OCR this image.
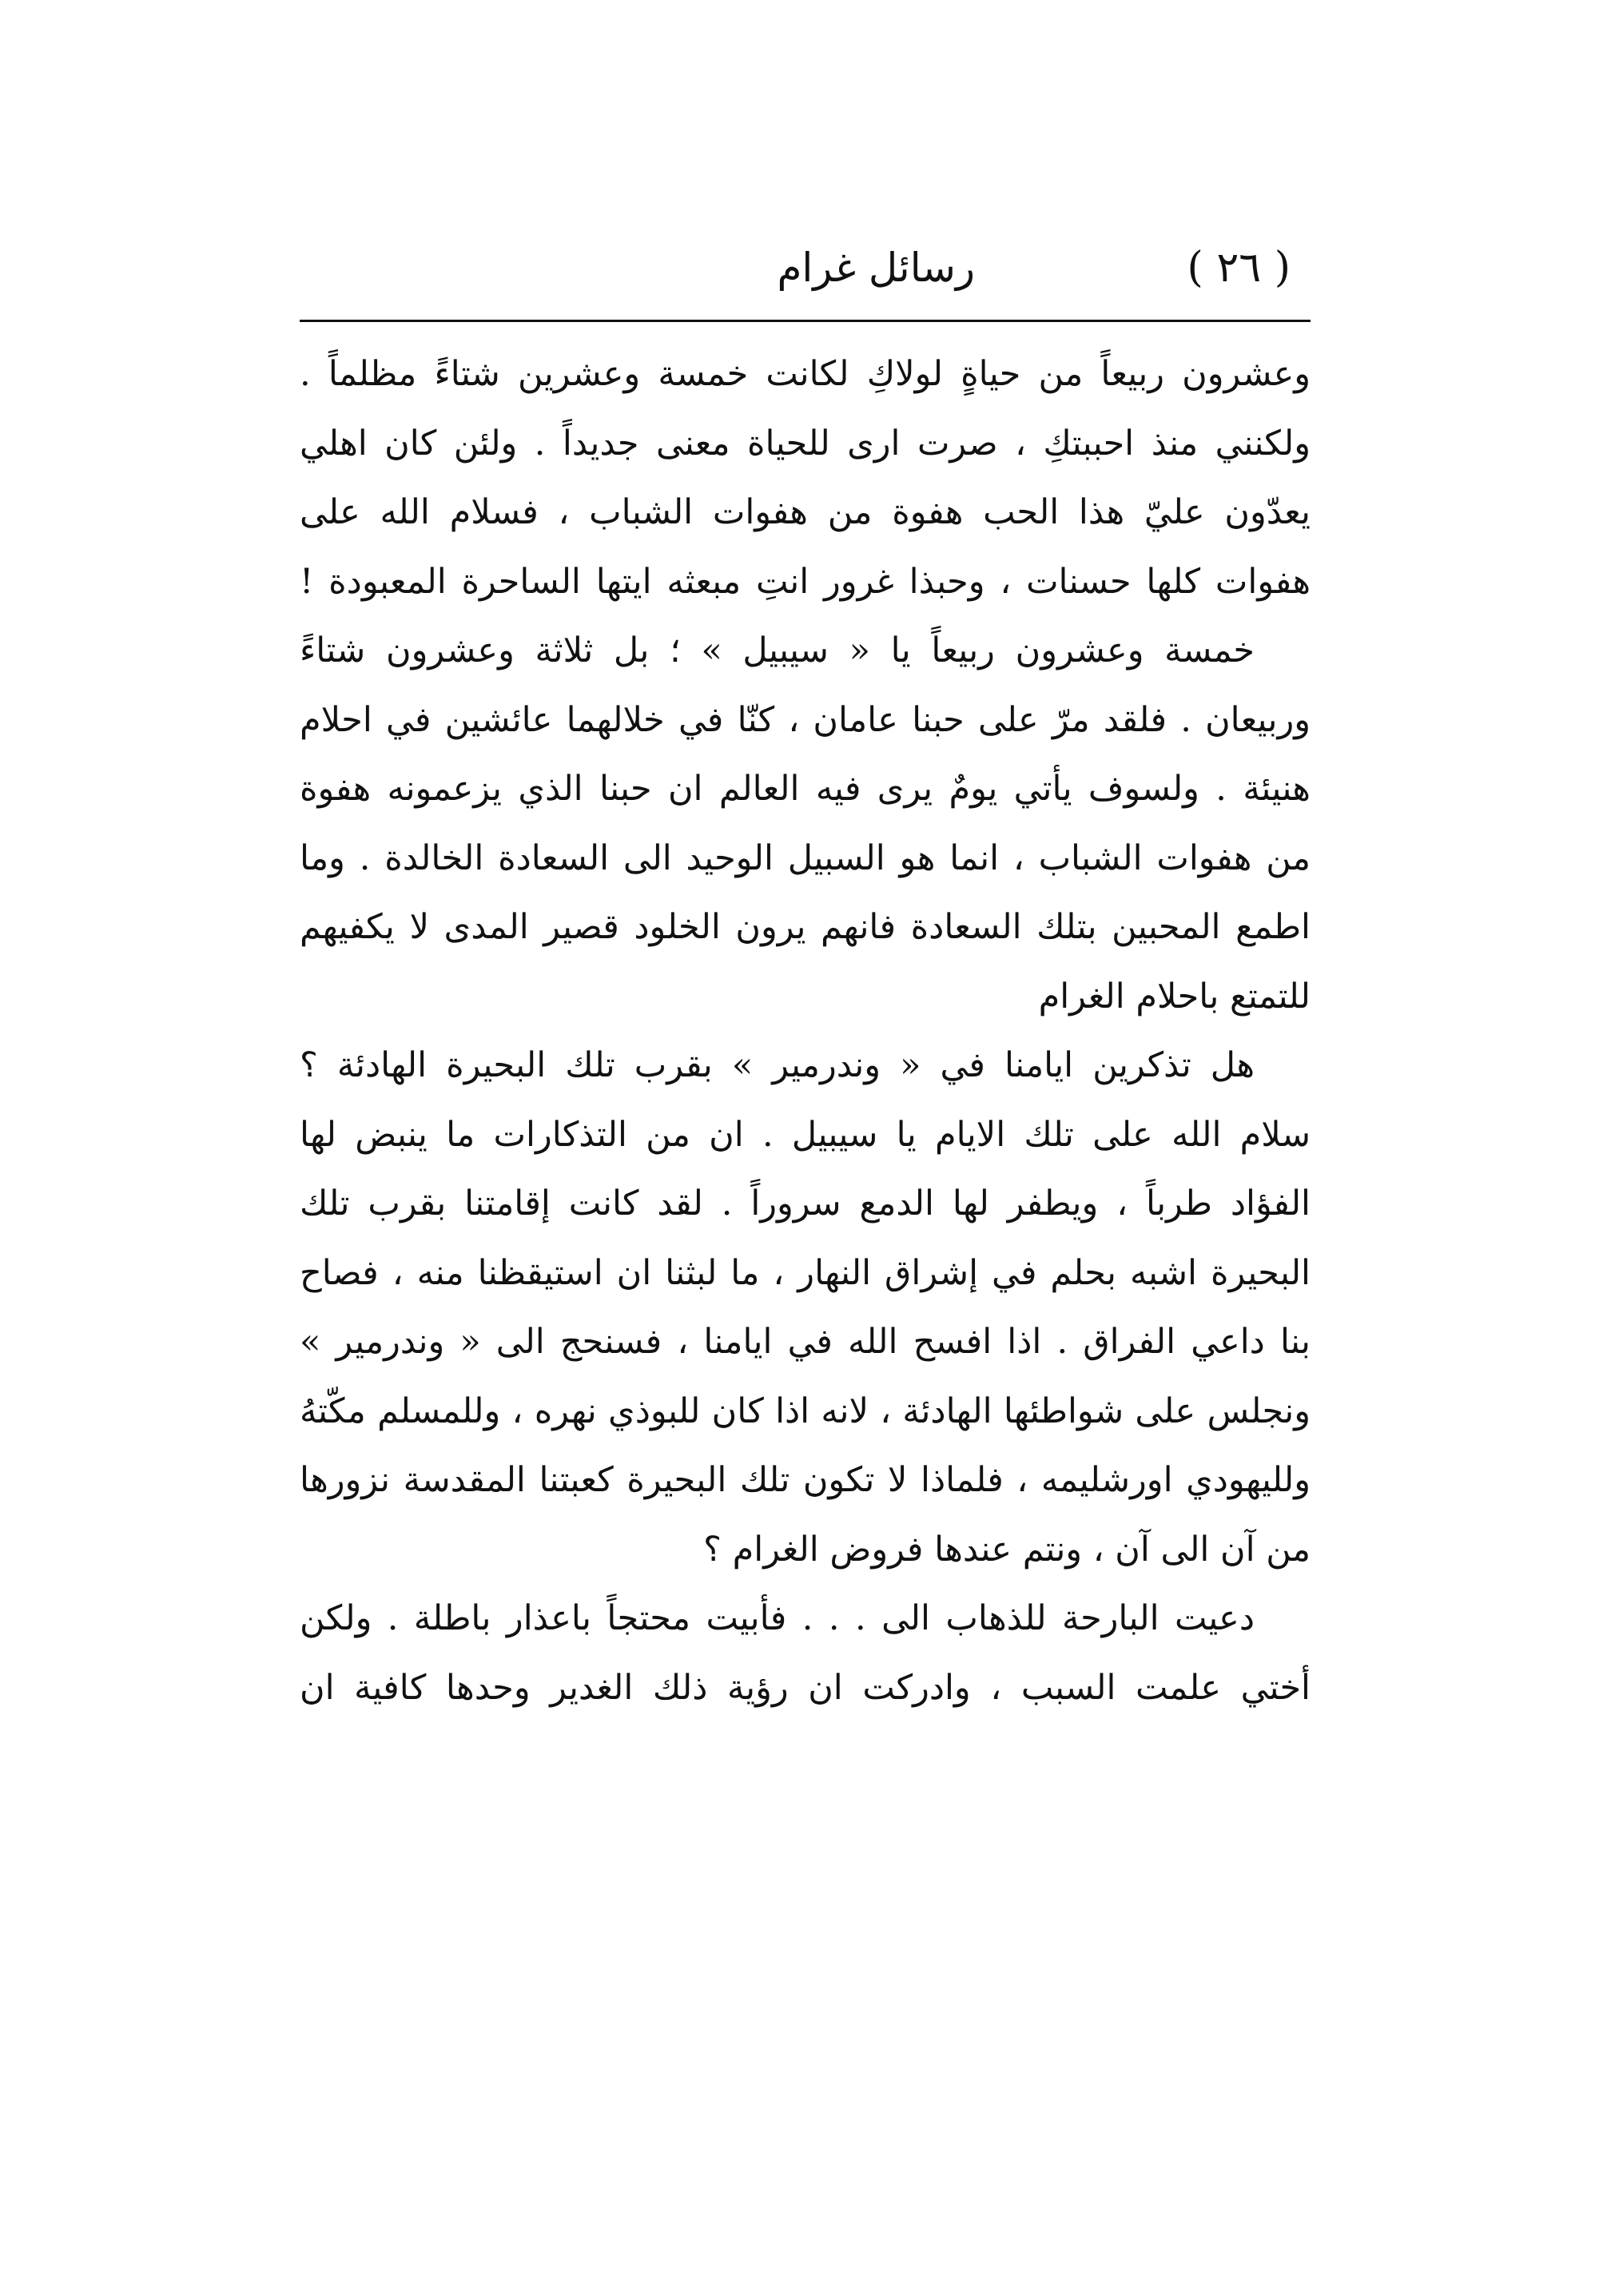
( ٢٦ )
رسائل غرام
وعشرون ربيعاً من حياةٍ لولاكِ لكانت خمسة وعشرين شتاءً مظلماً .
ولكنني منذ احببتكِ ، صرت ارى للحياة معنى جديداً . ولئن كان اهلي
يعدّون عليّ هذا الحب هفوة من هفوات الشباب ، فسلام الله على
هفوات كلها حسنات ، وحبذا غرور انتِ مبعثه ايتها الساحرة المعبودة !
خمسة وعشرون ربيعاً يا « سيبيل » ؛ بل ثلاثة وعشرون شتاءً
وربيعان . فلقد مرّ على حبنا عامان ، كنّا في خلالهما عائشين في احلام
هنيئة . ولسوف يأتي يومٌ يرى فيه العالم ان حبنا الذي يزعمونه هفوة
من هفوات الشباب ، انما هو السبيل الوحيد الى السعادة الخالدة . وما
اطمع المحبين بتلك السعادة فانهم يرون الخلود قصير المدى لا يكفيهم
للتمتع باحلام الغرام
هل تذكرين ايامنا في « وندرمير » بقرب تلك البحيرة الهادئة ؟
سلام الله على تلك الايام يا سيبيل . ان من التذكارات ما ينبض لها
الفؤاد طرباً ، ويطفر لها الدمع سروراً . لقد كانت إقامتنا بقرب تلك
البحيرة اشبه بحلم في إشراق النهار ، ما لبثنا ان استيقظنا منه ، فصاح
بنا داعي الفراق . اذا افسح الله في ايامنا ، فسنحج الى « وندرمير »
ونجلس على شواطئها الهادئة ، لانه اذا كان للبوذي نهره ، وللمسلم مكّتهُ
ولليهودي اورشليمه ، فلماذا لا تكون تلك البحيرة كعبتنا المقدسة نزورها
من آن الى آن ، ونتم عندها فروض الغرام ؟
دعيت البارحة للذهاب الى . . . فأبيت محتجاً باعذار باطلة . ولكن
أختي علمت السبب ، وادركت ان رؤية ذلك الغدير وحدها كافية ان
